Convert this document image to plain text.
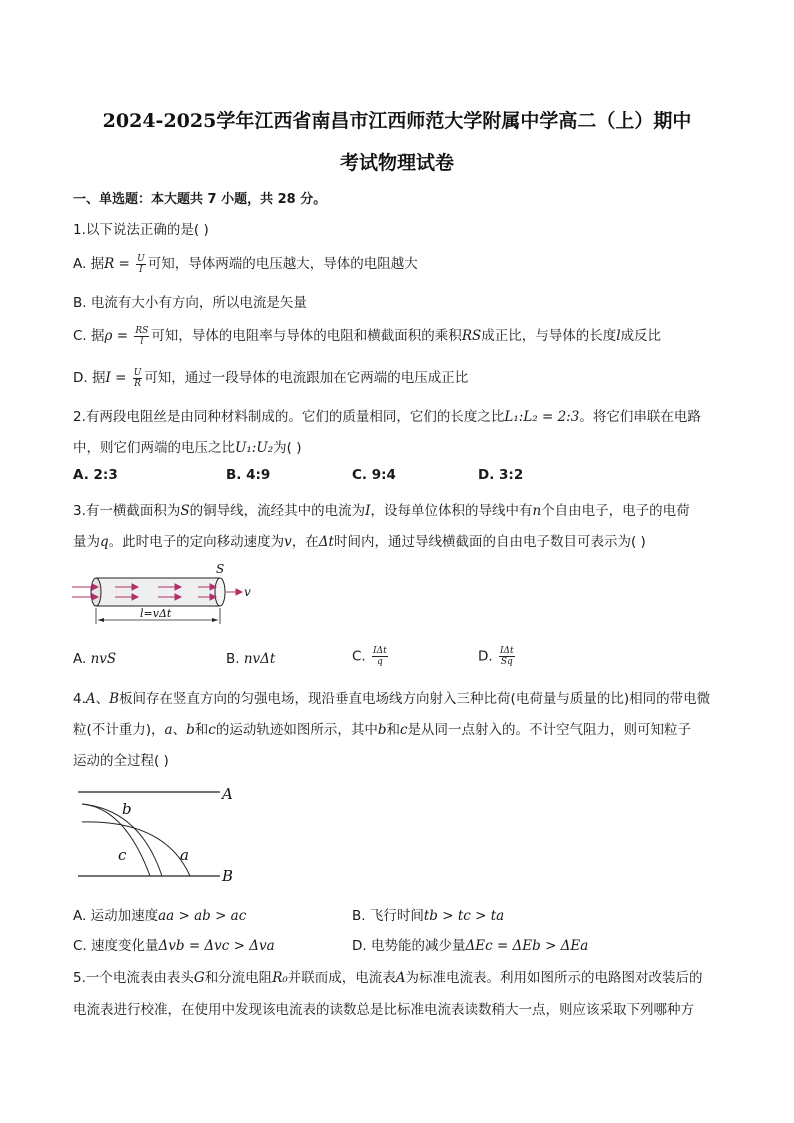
2024-2025学年江西省南昌市江西师范大学附属中学高二（上）期中
考试物理试卷
一、单选题：本大题共 7 小题，共 28 分。
1.以下说法正确的是( )
A. 据$R = \frac{U}{I}$ 可知，导体两端的电压越大，导体的电阻越大
B. 电流有大小有方向，所以电流是矢量
C. 据$\rho = \frac{RS}{l}$ 可知，导体的电阻率与导体的电阻和横截面积的乘积RS成正比，与导体的长度l成反比
D. 据$I = \frac{U}{R}$ 可知，通过一段导体的电流跟加在它两端的电压成正比
2.有两段电阻丝是由同种材料制成的。它们的质量相同，它们的长度之比L₁:L₂ = 2:3。将它们串联在电路
中，则它们两端的电压之比U₁:U₂为( )
A. 2:3	B. 4:9	C. 9:4	D. 3:2
3.有一横截面积为S的铜导线，流经其中的电流为I，设每单位体积的导线中有n个自由电子，电子的电荷
量为q。此时电子的定向移动速度为v，在Δt时间内，通过导线横截面的自由电子数目可表示为( )
S
v
l=vΔt
A. nvS	B. nvΔt	C. $\frac{\text{IΔt}}{q}$	D. $\frac{\text{IΔt}}{Sq}$
4.A、B板间存在竖直方向的匀强电场，现沿垂直电场线方向射入三种比荷(电荷量与质量的比)相同的带电微
粒(不计重力)，a、b和c的运动轨迹如图所示，其中b和c是从同一点射入的。不计空气阻力，则可知粒子
运动的全过程( )
A
B
b
c	a
A. 运动加速度aa > ab > ac	B. 飞行时间tb > tc > ta
C. 速度变化量Δvb = Δvc > Δva	D. 电势能的减少量ΔEc = ΔEb > ΔEa
5.一个电流表由表头G和分流电阻R₀并联而成，电流表A为标准电流表。利用如图所示的电路图对改装后的
电流表进行校准，在使用中发现该电流表的读数总是比标准电流表读数稍大一点，则应该采取下列哪种方
